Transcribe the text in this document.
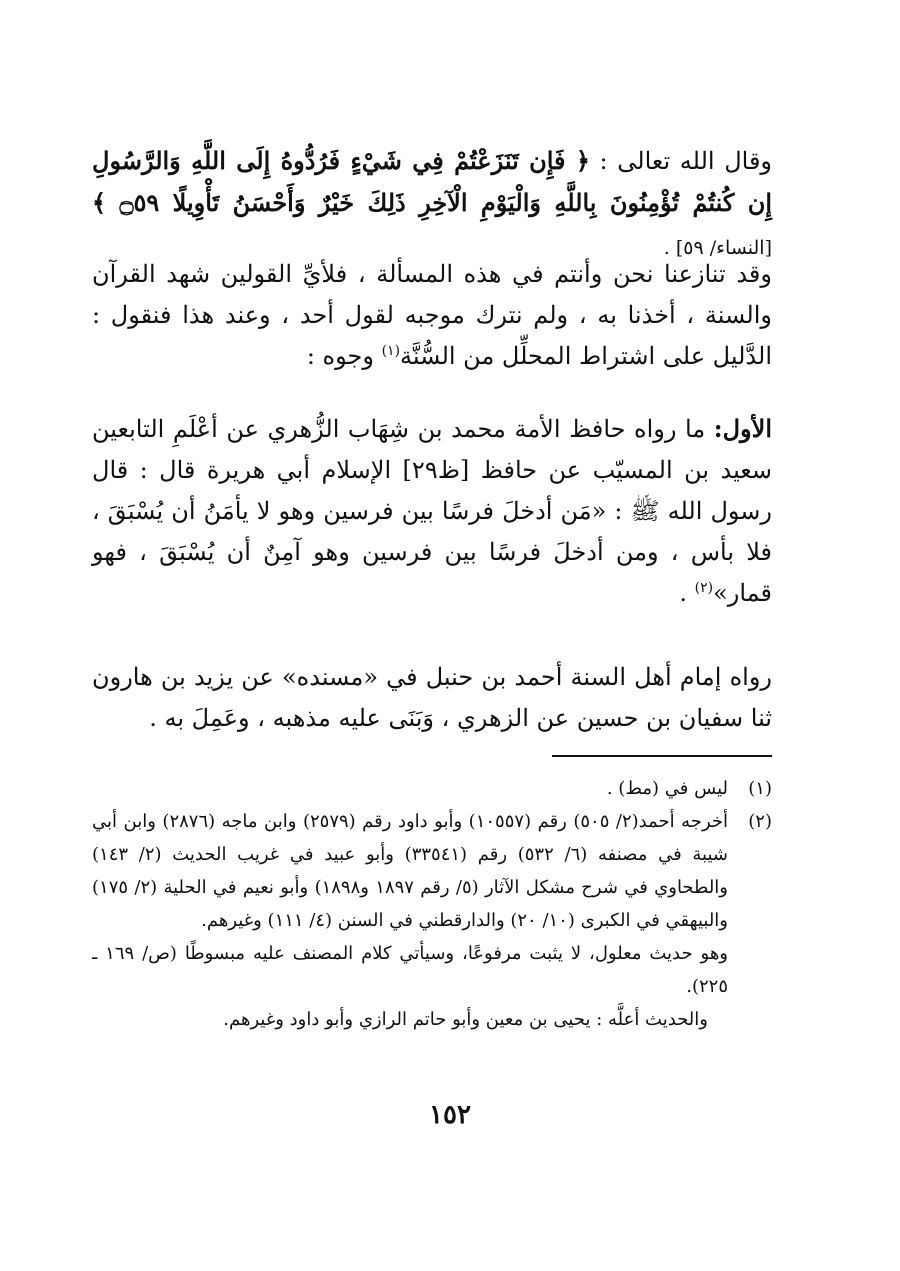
وقال الله تعالى : ﴿ فَإِن تَنَزَعْتُمْ فِي شَيْءٍ فَرُدُّوهُ إِلَى اللَّهِ وَالرَّسُولِ إِن كُنتُمْ تُؤْمِنُونَ بِاللَّهِ وَالْيَوْمِ الْآخِرِ ذَلِكَ خَيْرٌ وَأَحْسَنُ تَأْوِيلًا ۝٥٩ ﴾ [النساء/ ٥٩] .
وقد تنازعنا نحن وأنتم في هذه المسألة ، فلأيِّ القولين شهد القرآن والسنة ، أخذنا به ، ولم نترك موجبه لقول أحد ، وعند هذا فنقول : الدَّليل على اشتراط المحلِّل من السُّنَّة$^{(١)}$ وجوه :
الأول: ما رواه حافظ الأمة محمد بن شِهَاب الزُّهري عن أعْلَمِ التابعين سعيد بن المسيّب عن حافظ [ظ٢٩] الإسلام أبي هريرة قال : قال رسول الله ﷺ : «مَن أدخلَ فرسًا بين فرسين وهو لا يأمَنُ أن يُسْبَقَ ، فلا بأس ، ومن أدخلَ فرسًا بين فرسين وهو آمِنٌ أن يُسْبَقَ ، فهو قمار»$^{(٢)}$ .
رواه إمام أهل السنة أحمد بن حنبل في «مسنده» عن يزيد بن هارون ثنا سفيان بن حسين عن الزهري ، وَبَنَى عليه مذهبه ، وعَمِلَ به .
(١)
ليس في (مط) .
(٢)
أخرجه أحمد(٢/ ٥٠٥) رقم (١٠٥٥٧) وأبو داود رقم (٢٥٧٩) وابن ماجه (٢٨٧٦) وابن أبي شيبة في مصنفه (٦/ ٥٣٢) رقم (٣٣٥٤١) وأبو عبيد في غريب الحديث (٢/ ١٤٣) والطحاوي في شرح مشكل الآثار (٥/ رقم ١٨٩٧ و١٨٩٨) وأبو نعيم في الحلية (٢/ ١٧٥) والبيهقي في الكبرى (١٠/ ٢٠) والدارقطني في السنن (٤/ ١١١) وغيرهم.
وهو حديث معلول، لا يثبت مرفوعًا، وسيأتي كلام المصنف عليه مبسوطًا (ص/ ١٦٩ ـ ٢٢٥).
والحديث أعلَّه : يحيى بن معين وأبو حاتم الرازي وأبو داود وغيرهم.
١٥٢
